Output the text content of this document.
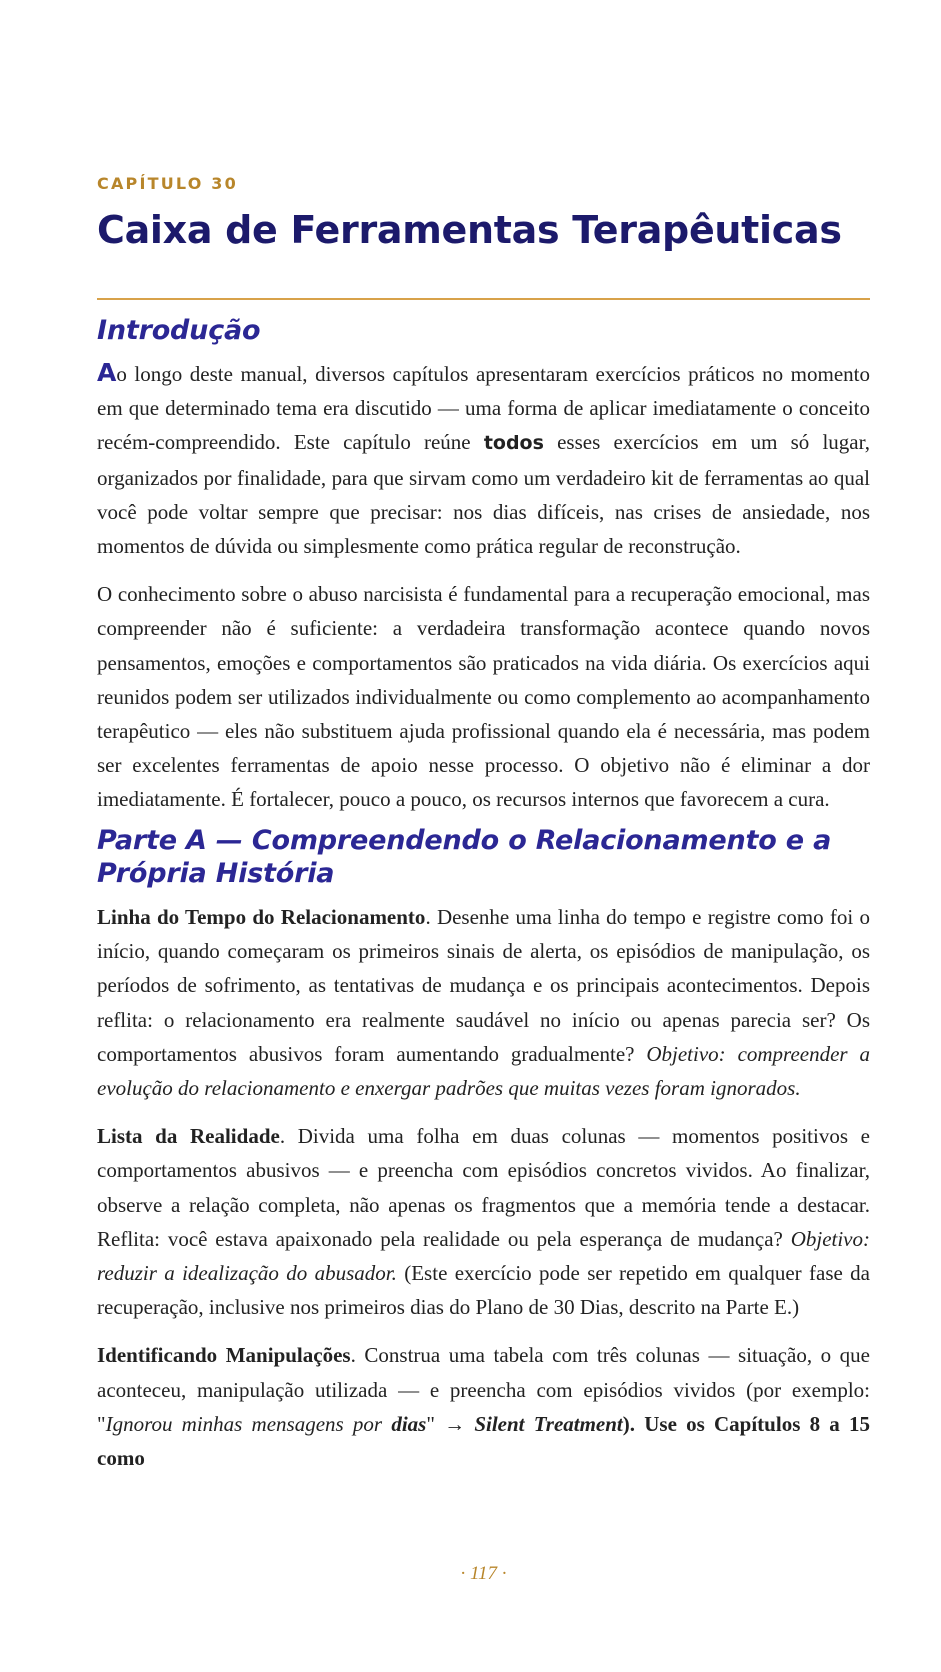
CAPÍTULO 30
Caixa de Ferramentas Terapêuticas
Introdução

Ao longo deste manual, diversos capítulos apresentaram exercícios práticos no momento em que determinado tema era discutido — uma forma de aplicar imediatamente o conceito recém-compreendido. Este capítulo reúne todos esses exercícios em um só lugar, organizados por finalidade, para que sirvam como um verdadeiro kit de ferramentas ao qual você pode voltar sempre que precisar: nos dias difíceis, nas crises de ansiedade, nos momentos de dúvida ou simplesmente como prática regular de reconstrução.

O conhecimento sobre o abuso narcisista é fundamental para a recuperação emocional, mas compreender não é suficiente: a verdadeira transformação acontece quando novos pensamentos, emoções e comportamentos são praticados na vida diária. Os exercícios aqui reunidos podem ser utilizados individualmente ou como complemento ao acompanhamento terapêutico — eles não substituem ajuda profissional quando ela é necessária, mas podem ser excelentes ferramentas de apoio nesse processo. O objetivo não é eliminar a dor imediatamente. É fortalecer, pouco a pouco, os recursos internos que favorecem a cura.

Parte A — Compreendendo o Relacionamento e a Própria História

Linha do Tempo do Relacionamento. Desenhe uma linha do tempo e registre como foi o início, quando começaram os primeiros sinais de alerta, os episódios de manipulação, os períodos de sofrimento, as tentativas de mudança e os principais acontecimentos. Depois reflita: o relacionamento era realmente saudável no início ou apenas parecia ser? Os comportamentos abusivos foram aumentando gradualmente? Objetivo: compreender a evolução do relacionamento e enxergar padrões que muitas vezes foram ignorados.

Lista da Realidade. Divida uma folha em duas colunas — momentos positivos e comportamentos abusivos — e preencha com episódios concretos vividos. Ao finalizar, observe a relação completa, não apenas os fragmentos que a memória tende a destacar. Reflita: você estava apaixonado pela realidade ou pela esperança de mudança? Objetivo: reduzir a idealização do abusador. (Este exercício pode ser repetido em qualquer fase da recuperação, inclusive nos primeiros dias do Plano de 30 Dias, descrito na Parte E.)

Identificando Manipulações. Construa uma tabela com três colunas — situação, o que aconteceu, manipulação utilizada — e preencha com episódios vividos (por exemplo: "Ignorou minhas mensagens por dias" → Silent Treatment). Use os Capítulos 8 a 15 como

· 117 ·
